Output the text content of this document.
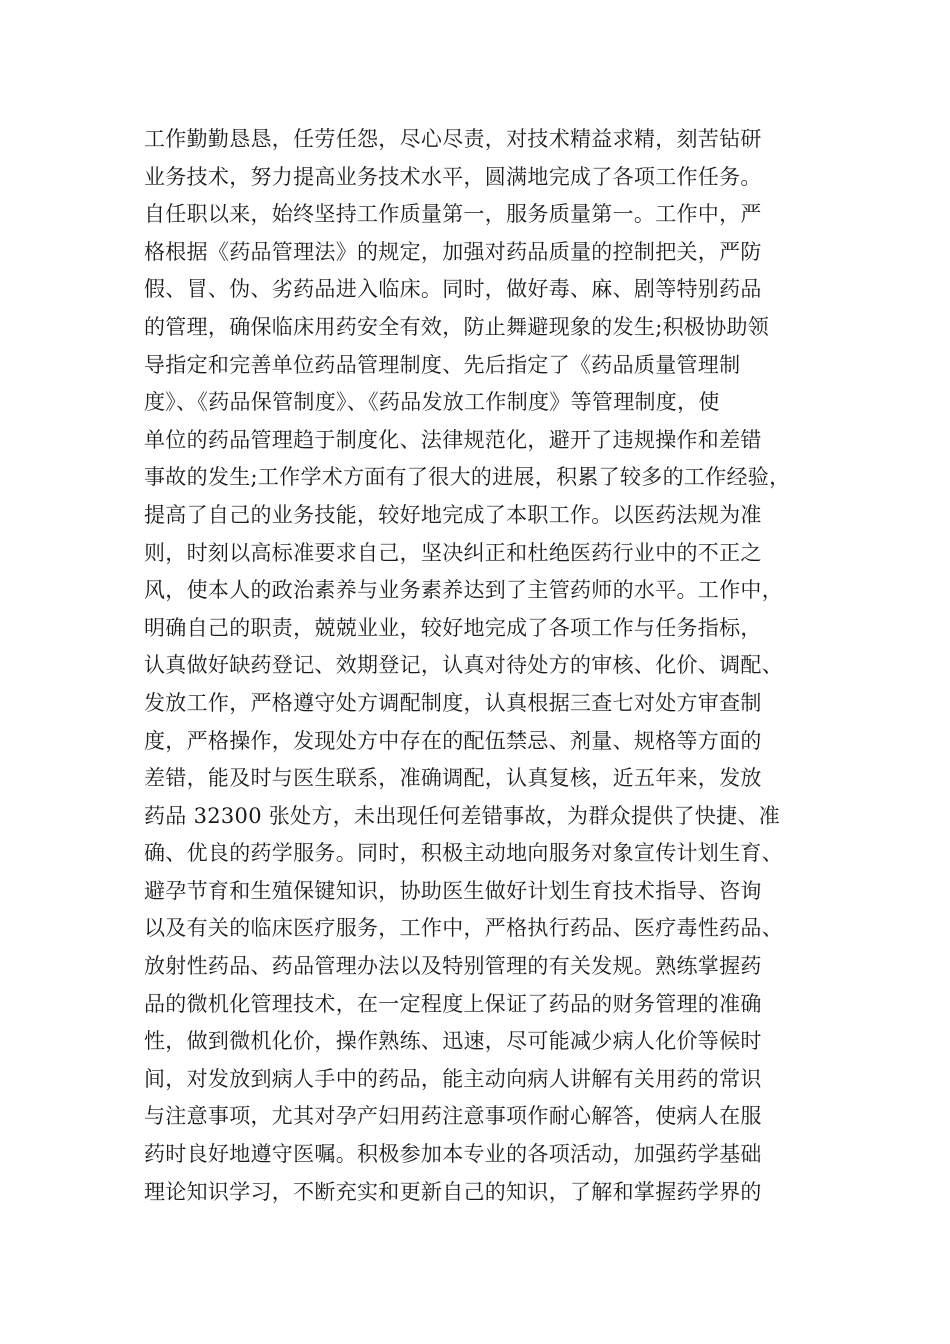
工作勤勤恳恳，任劳任怨，尽心尽责，对技术精益求精，刻苦钻研
业务技术，努力提高业务技术水平，圆满地完成了各项工作任务。
自任职以来，始终坚持工作质量第一，服务质量第一。工作中，严
格根据《药品管理法》的规定，加强对药品质量的控制把关，严防
假、冒、伪、劣药品进入临床。同时，做好毒、麻、剧等特别药品
的管理，确保临床用药安全有效，防止舞避现象的发生;积极协助领
导指定和完善单位药品管理制度、先后指定了《药品质量管理制
度》、《药品保管制度》、《药品发放工作制度》等管理制度，使
单位的药品管理趋于制度化、法律规范化，避开了违规操作和差错
事故的发生;工作学术方面有了很大的进展，积累了较多的工作经验，
提高了自己的业务技能，较好地完成了本职工作。以医药法规为准
则，时刻以高标准要求自己，坚决纠正和杜绝医药行业中的不正之
风，使本人的政治素养与业务素养达到了主管药师的水平。工作中，
明确自己的职责，兢兢业业，较好地完成了各项工作与任务指标，
认真做好缺药登记、效期登记，认真对待处方的审核、化价、调配、
发放工作，严格遵守处方调配制度，认真根据三查七对处方审查制
度，严格操作，发现处方中存在的配伍禁忌、剂量、规格等方面的
差错，能及时与医生联系，准确调配，认真复核，近五年来，发放
药品 32300 张处方，未出现任何差错事故，为群众提供了快捷、准
确、优良的药学服务。同时，积极主动地向服务对象宣传计划生育、
避孕节育和生殖保键知识，协助医生做好计划生育技术指导、咨询
以及有关的临床医疗服务，工作中，严格执行药品、医疗毒性药品、
放射性药品、药品管理办法以及特别管理的有关发规。熟练掌握药
品的微机化管理技术，在一定程度上保证了药品的财务管理的准确
性，做到微机化价，操作熟练、迅速，尽可能减少病人化价等候时
间，对发放到病人手中的药品，能主动向病人讲解有关用药的常识
与注意事项，尤其对孕产妇用药注意事项作耐心解答，使病人在服
药时良好地遵守医嘱。积极参加本专业的各项活动，加强药学基础
理论知识学习，不断充实和更新自己的知识，了解和掌握药学界的
